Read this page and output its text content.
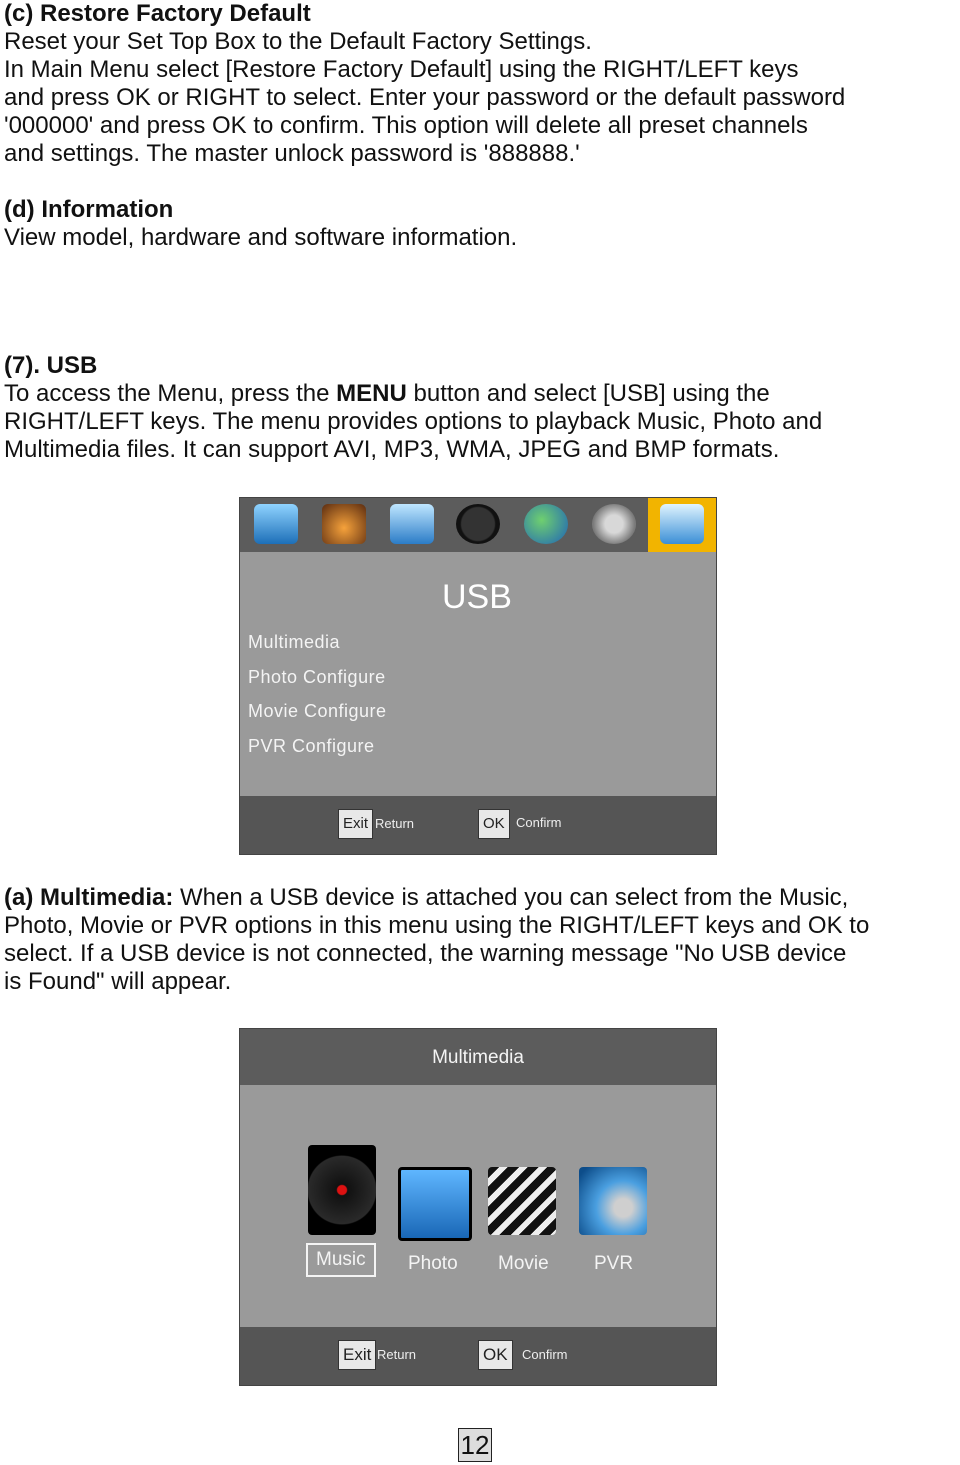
(c) Restore Factory Default

Reset your Set Top Box to the Default Factory Settings.
In Main Menu select [Restore Factory Default] using the RIGHT/LEFT keys
and press OK or RIGHT to select. Enter your password or the default password
'000000' and press OK to confirm. This option will delete all preset channels
and settings. The master unlock password is '888888.'

(d) Information

View model, hardware and software information.

(7). USB

To access the Menu, press the MENU button and select [USB] using the

RIGHT/LEFT keys. The menu provides options to playback Music, Photo and
Multimedia files. It can support AVI, MP3, WMA, JPEG and BMP formats.

USB
Multimedia
Photo Configure
Movie Configure
PVR Configure
Exit Return	OK Confirm

(a) Multimedia: When a USB device is attached you can select from the Music,

Photo, Movie or PVR options in this menu using the RIGHT/LEFT keys and OK to
select. If a USB device is not connected, the warning message "No USB device
is Found" will appear.

Multimedia
Music	Photo Movie PVR
Exit Return	OK	Confirm
12
